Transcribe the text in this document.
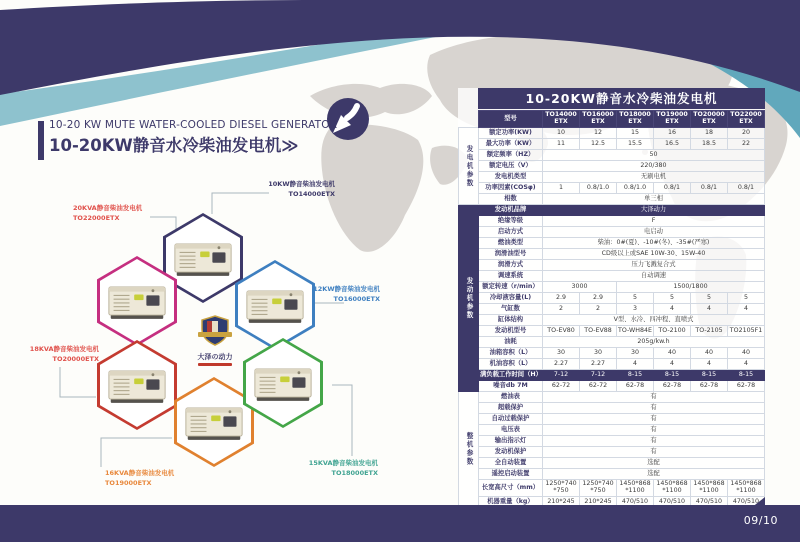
10-20 KW MUTE WATER-COOLED DIESEL GENERATOR
10-20KW静音水冷柴油发电机≫
10KW静音柴油发电机
TO14000ETX
20KVA静音柴油发电机
TO22000ETX
12KW静音柴油发电机
TO16000ETX
18KVA静音柴油发电机
TO20000ETX
16KVA静音柴油发电机
TO19000ETX
15KVA静音柴油发电机
TO18000ETX
大泽の动力
10-20KW静音水冷柴油发电机
	型号	TO14000ETX	TO16000ETX	TO18000ETX	TO19000ETX	TO20000ETX	TO22000ETX
发电机参数	额定功率(KW)	10	12	15	16	18	20
	最大功率（KW）	11	12.5	15.5	16.5	18.5	22
	额定频率（HZ）	50					
	额定电压（V）	220/380					
	发电机类型	无刷电机					
	功率因素(COSφ)	1	0.8/1.0	0.8/1.0	0.8/1	0.8/1	0.8/1
	相数	单三相					
发动机参数	发动机品牌	大泽动力					
	绝缘等级	F					
	启动方式	电启动					
	燃油类型	柴油：0#(夏)、-10#(冬)、-35#(严寒)					
	润滑油型号	CD级以上或SAE 10W-30、15W-40					
	润滑方式	压力飞溅复合式					
	调速系统	自动调速					
	额定转速（r/min）	3000		1500/1800			
	冷却液容量(L)	2.9	2.9	5	5	5	5
	气缸数	2	2	3	4	4	4
	缸体结构	V型、水冷、四冲程、直喷式					
	发动机型号	TO-EV80	TO-EV88	TO-WH84E	TO-2100	TO-2105	TO2105F1
	油耗	205g/kw.h					
	油箱容积（L）	30	30	30	40	40	40
	机油容积（L）	2.27	2.27	4	4	4	4
	满负载工作时间（H）	7-12	7-12	8-15	8-15	8-15	8-15
	噪音db 7M	62-72	62-72	62-78	62-78	62-78	62-78
整机参数	燃油表	有					
	超载保护	有					
	自动过载保护	有					
	电压表	有					
	输出指示灯	有					
	发动机保护	有					
	全自动装置	选配					
	遥控启动装置	选配					
	长宽高尺寸（mm）	1250*740*750	1250*740*750	1450*868*1100	1450*868*1100	1450*868*1100	1450*868*1100
	机器重量（kg）	210*245	210*245	470/510	470/510	470/510	470/510
09/10
